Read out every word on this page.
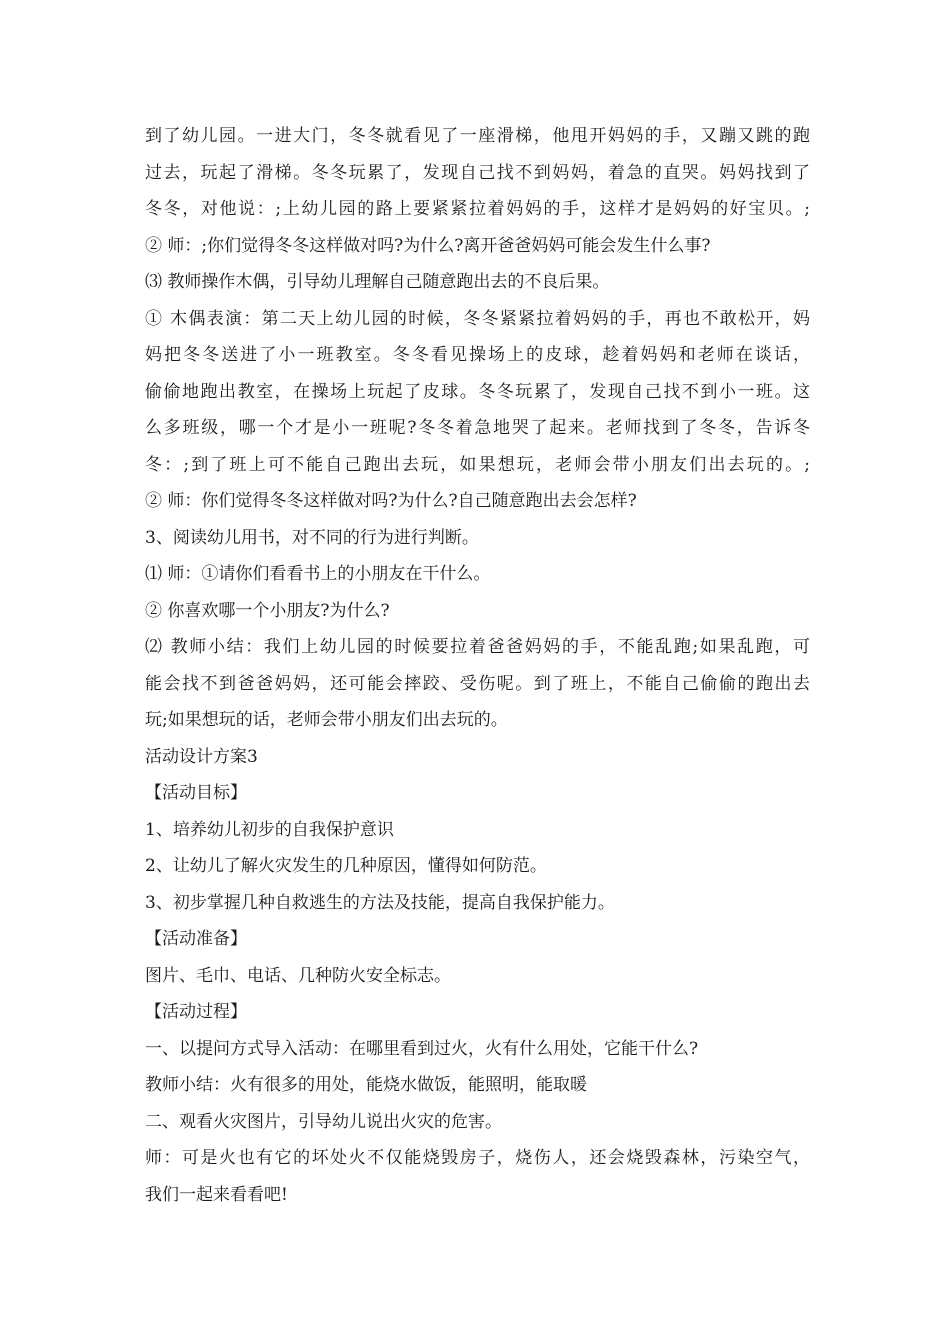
到了幼儿园。一进大门，冬冬就看见了一座滑梯，他甩开妈妈的手，又蹦又跳的跑
过去，玩起了滑梯。冬冬玩累了，发现自己找不到妈妈，着急的直哭。妈妈找到了
冬冬，对他说：;上幼儿园的路上要紧紧拉着妈妈的手，这样才是妈妈的好宝贝。;
② 师：;你们觉得冬冬这样做对吗?为什么?离开爸爸妈妈可能会发生什么事?
⑶ 教师操作木偶，引导幼儿理解自己随意跑出去的不良后果。
① 木偶表演：第二天上幼儿园的时候，冬冬紧紧拉着妈妈的手，再也不敢松开，妈
妈把冬冬送进了小一班教室。冬冬看见操场上的皮球，趁着妈妈和老师在谈话，
偷偷地跑出教室，在操场上玩起了皮球。冬冬玩累了，发现自己找不到小一班。这
么多班级，哪一个才是小一班呢?冬冬着急地哭了起来。老师找到了冬冬，告诉冬
冬：;到了班上可不能自己跑出去玩，如果想玩，老师会带小朋友们出去玩的。;
② 师：你们觉得冬冬这样做对吗?为什么?自己随意跑出去会怎样?
3、阅读幼儿用书，对不同的行为进行判断。
⑴ 师：①请你们看看书上的小朋友在干什么。
② 你喜欢哪一个小朋友?为什么?
⑵ 教师小结：我们上幼儿园的时候要拉着爸爸妈妈的手，不能乱跑;如果乱跑，可
能会找不到爸爸妈妈，还可能会摔跤、受伤呢。到了班上，不能自己偷偷的跑出去
玩;如果想玩的话，老师会带小朋友们出去玩的。
活动设计方案3
【活动目标】
1、培养幼儿初步的自我保护意识
2、让幼儿了解火灾发生的几种原因，懂得如何防范。
3、初步掌握几种自救逃生的方法及技能，提高自我保护能力。
【活动准备】
图片、毛巾、电话、几种防火安全标志。
【活动过程】
一、以提问方式导入活动：在哪里看到过火，火有什么用处，它能干什么?
教师小结：火有很多的用处，能烧水做饭，能照明，能取暖
二、观看火灾图片，引导幼儿说出火灾的危害。
师：可是火也有它的坏处火不仅能烧毁房子，烧伤人，还会烧毁森林，污染空气，
我们一起来看看吧!
